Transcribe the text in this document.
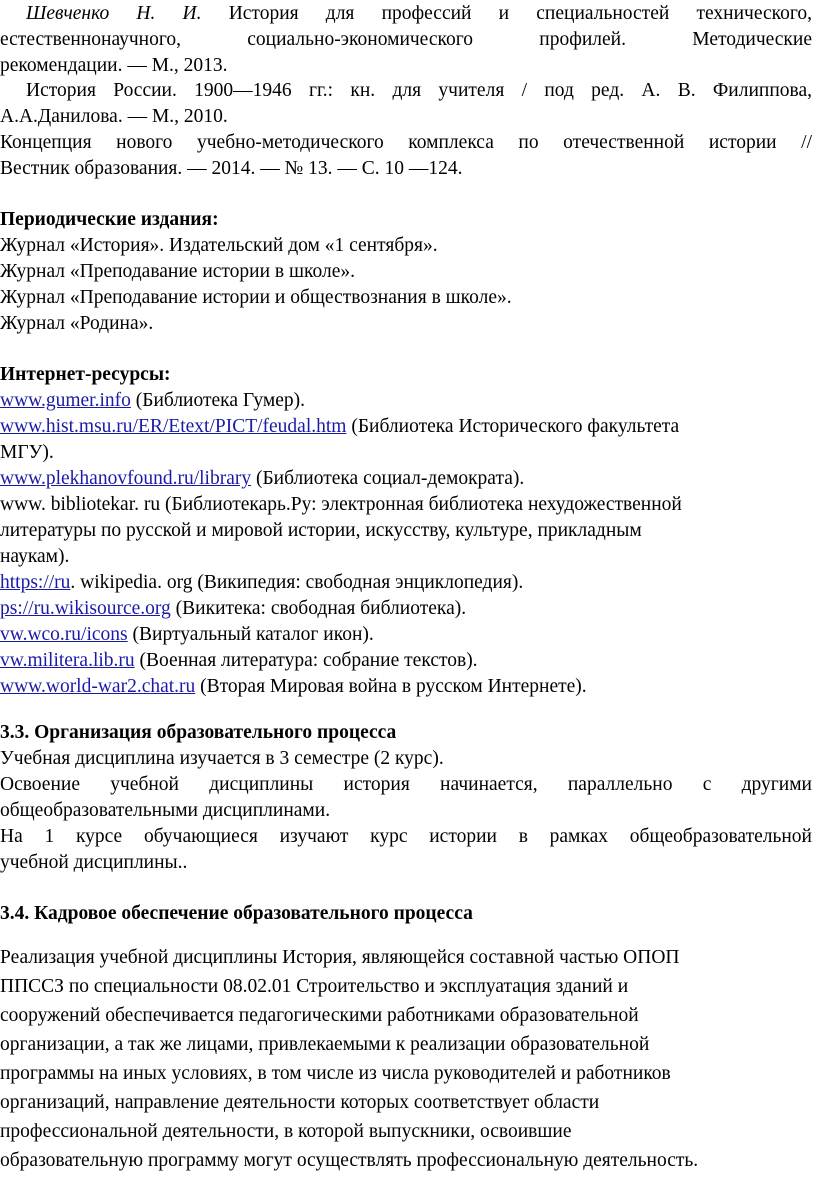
Шевченко Н. И. История для профессий и специальностей технического,
естественнонаучного, социально-экономического профилей. Методические
рекомендации. — М., 2013.
История России. 1900—1946 гг.: кн. для учителя / под ред. А. В. Филиппова,
А.А.Данилова. — М., 2010.
Концепция нового учебно-методического комплекса по отечественной истории //
Вестник образования. — 2014. — № 13. — С. 10 —124.
Периодические издания:
Журнал «История». Издательский дом «1 сентября».
Журнал «Преподавание истории в школе».
Журнал «Преподавание истории и обществознания в школе».
Журнал «Родина».
Интернет-ресурсы:
www.gumer.info (Библиотека Гумер).
www.hist.msu.ru/ER/Etext/PICT/feudal.htm (Библиотека Исторического факультета
МГУ).
www.plekhanovfound.ru/library (Библиотека социал-демократа).
www. bibliotekar. ru (Библиотекарь.Ру: электронная библиотека нехудожественной
литературы по русской и мировой истории, искусству, культуре, прикладным
наукам).
https://ru. wikipedia. org (Википедия: свободная энциклопедия).
ps://ru.wikisource.org (Викитека: свободная библиотека).
vw.wco.ru/icons (Виртуальный каталог икон).
vw.militera.lib.ru (Военная литература: собрание текстов).
www.world-war2.chat.ru (Вторая Мировая война в русском Интернете).
3.3. Организация образовательного процесса
Учебная дисциплина изучается в 3 семестре (2 курс).
Освоение учебной дисциплины история начинается, параллельно с другими
общеобразовательными дисциплинами.
На 1 курсе обучающиеся изучают курс истории в рамках общеобразовательной
учебной дисциплины..
3.4. Кадровое обеспечение образовательного процесса
Реализация учебной дисциплины История, являющейся составной частью ОПОП
ППССЗ по специальности 08.02.01 Строительство и эксплуатация зданий и
сооружений обеспечивается педагогическими работниками образовательной
организации, а так же лицами, привлекаемыми к реализации образовательной
программы на иных условиях, в том числе из числа руководителей и работников
организаций, направление деятельности которых соответствует области
профессиональной деятельности, в которой выпускники, освоившие
образовательную программу могут осуществлять профессиональную деятельность.
